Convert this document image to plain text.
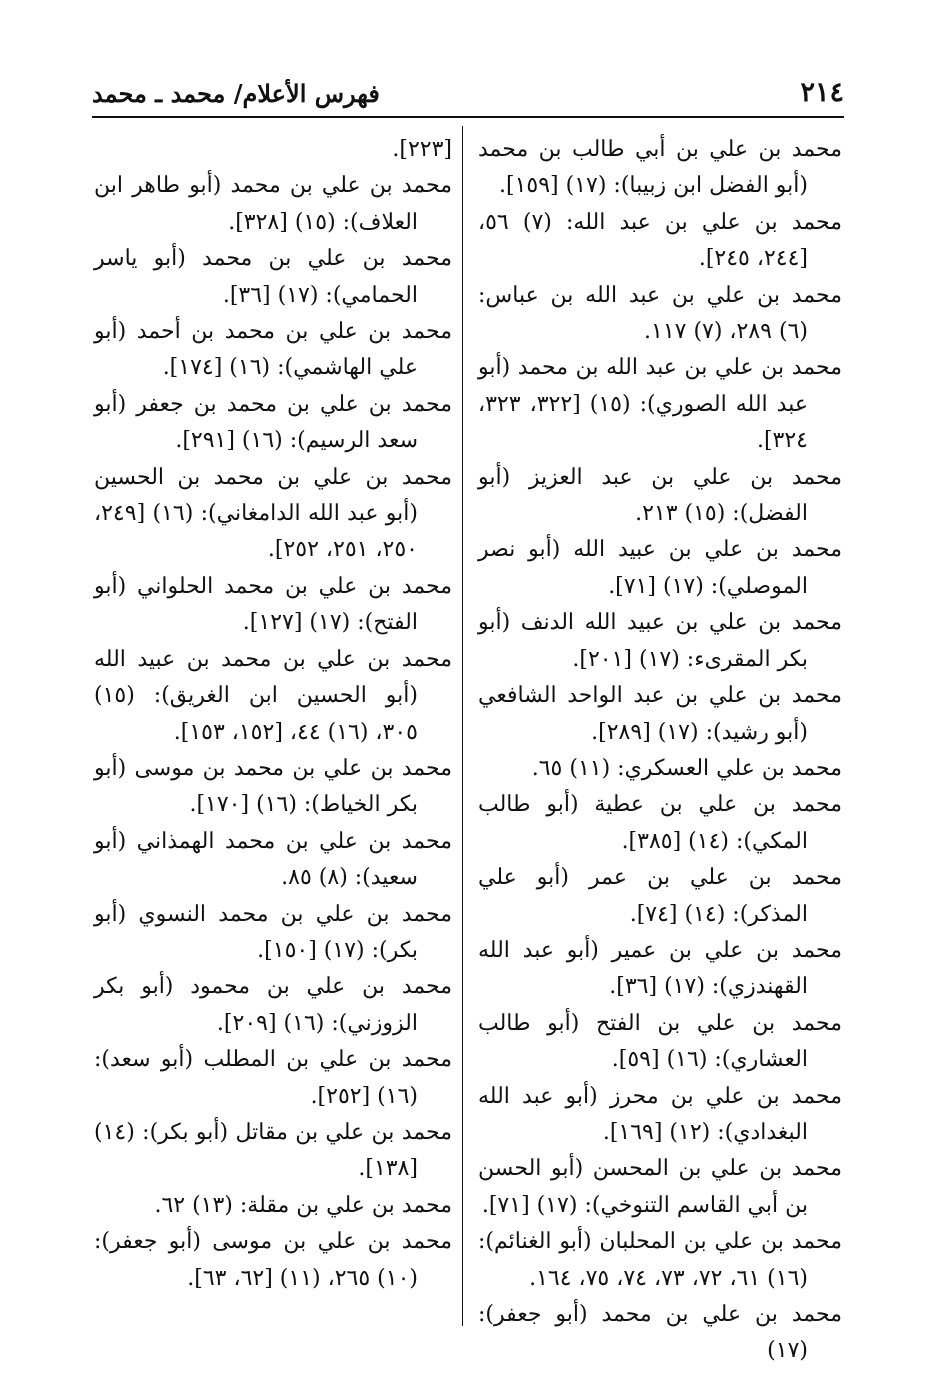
٢١٤
فهرس الأعلام/ محمد ـ محمد

محمد بن علي بن أبي طالب بن محمد (أبو الفضل ابن زبيبا): (١٧) [١٥٩].

محمد بن علي بن عبد الله: (٧) ٥٦، [٢٤٤، ٢٤٥].

محمد بن علي بن عبد الله بن عباس: (٦) ٢٨٩، (٧) ١١٧.

محمد بن علي بن عبد الله بن محمد (أبو عبد الله الصوري): (١٥) [٣٢٢، ٣٢٣، ٣٢٤].

محمد بن علي بن عبد العزيز (أبو الفضل): (١٥) ٢١٣.

محمد بن علي بن عبيد الله (أبو نصر الموصلي): (١٧) [٧١].

محمد بن علي بن عبيد الله الدنف (أبو بكر المقرىء: (١٧) [٢٠١].

محمد بن علي بن عبد الواحد الشافعي (أبو رشيد): (١٧) [٢٨٩].

محمد بن علي العسكري: (١١) ٦٥.

محمد بن علي بن عطية (أبو طالب المكي): (١٤) [٣٨٥].

محمد بن علي بن عمر (أبو علي المذكر): (١٤) [٧٤].

محمد بن علي بن عمير (أبو عبد الله القهندزي): (١٧) [٣٦].

محمد بن علي بن الفتح (أبو طالب العشاري): (١٦) [٥٩].

محمد بن علي بن محرز (أبو عبد الله البغدادي): (١٢) [١٦٩].

محمد بن علي بن المحسن (أبو الحسن بن أبي القاسم التنوخي): (١٧) [٧١].

محمد بن علي بن المحلبان (أبو الغنائم): (١٦) ٦١، ٧٢، ٧٣، ٧٤، ٧٥، ١٦٤.

محمد بن علي بن محمد (أبو جعفر): (١٧)

[٢٢٣].

محمد بن علي بن محمد (أبو طاهر ابن العلاف): (١٥) [٣٢٨].

محمد بن علي بن محمد (أبو ياسر الحمامي): (١٧) [٣٦].

محمد بن علي بن محمد بن أحمد (أبو علي الهاشمي): (١٦) [١٧٤].

محمد بن علي بن محمد بن جعفر (أبو سعد الرسيم): (١٦) [٢٩١].

محمد بن علي بن محمد بن الحسين (أبو عبد الله الدامغاني): (١٦) [٢٤٩، ٢٥٠، ٢٥١، ٢٥٢].

محمد بن علي بن محمد الحلواني (أبو الفتح): (١٧) [١٢٧].

محمد بن علي بن محمد بن عبيد الله (أبو الحسين ابن الغريق): (١٥) ٣٠٥، (١٦) ٤٤، [١٥٢، ١٥٣].

محمد بن علي بن محمد بن موسى (أبو بكر الخياط): (١٦) [١٧٠].

محمد بن علي بن محمد الهمذاني (أبو سعيد): (٨) ٨٥.

محمد بن علي بن محمد النسوي (أبو بكر): (١٧) [١٥٠].

محمد بن علي بن محمود (أبو بكر الزوزني): (١٦) [٢٠٩].

محمد بن علي بن المطلب (أبو سعد): (١٦) [٢٥٢].

محمد بن علي بن مقاتل (أبو بكر): (١٤) [١٣٨].

محمد بن علي بن مقلة: (١٣) ٦٢.

محمد بن علي بن موسى (أبو جعفر): (١٠) ٢٦٥، (١١) [٦٢، ٦٣].
